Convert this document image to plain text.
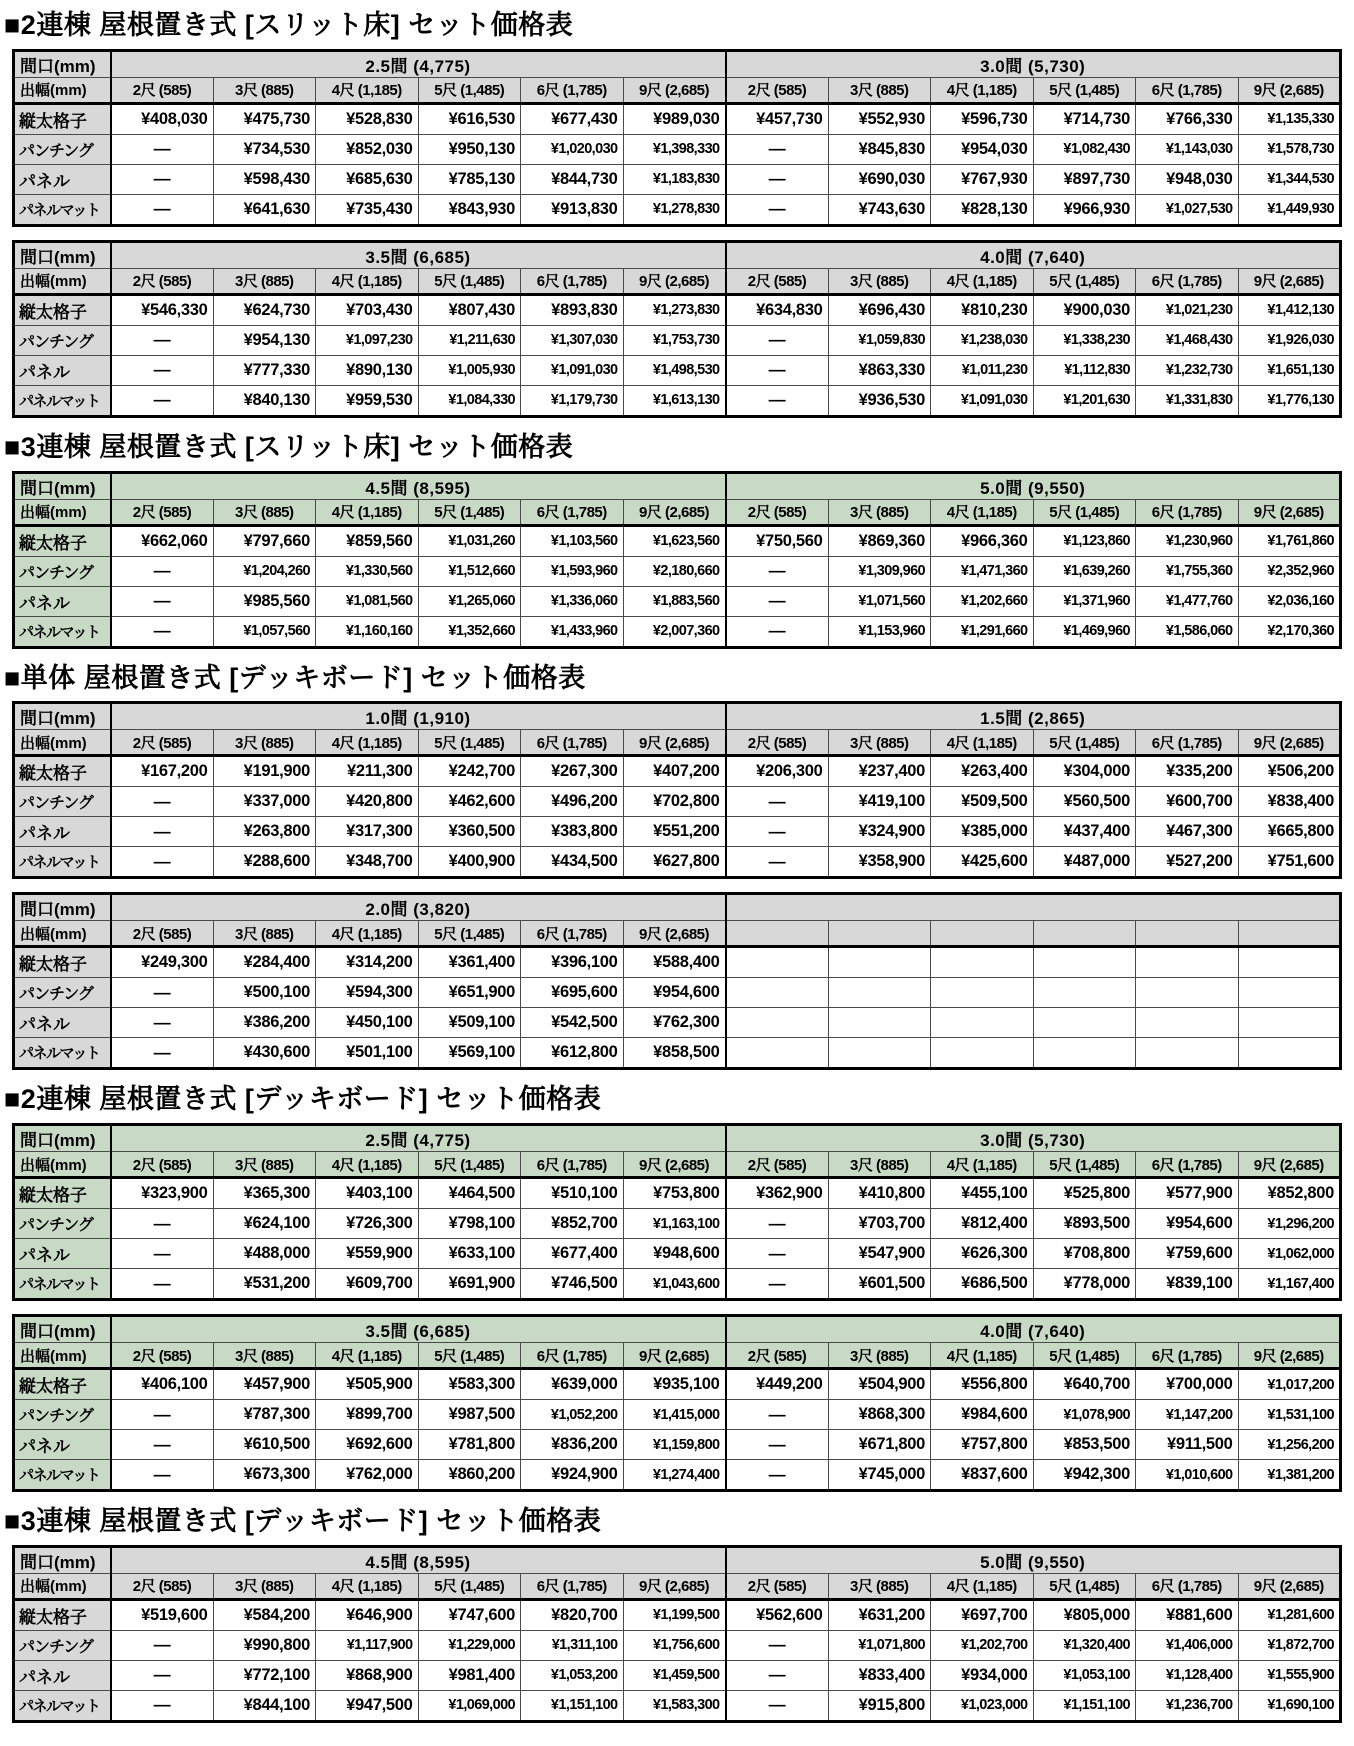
■2連棟 屋根置き式 [スリット床] セット価格表
間口(mm)	2.5間 (4,775)						3.0間 (5,730)					
出幅(mm)	2尺 (585)	3尺 (885)	4尺 (1,185)	5尺 (1,485)	6尺 (1,785)	9尺 (2,685)	2尺 (585)	3尺 (885)	4尺 (1,185)	5尺 (1,485)	6尺 (1,785)	9尺 (2,685)
縦太格子	¥408,030	¥475,730	¥528,830	¥616,530	¥677,430	¥989,030	¥457,730	¥552,930	¥596,730	¥714,730	¥766,330	¥1,135,330
パンチング	―	¥734,530	¥852,030	¥950,130	¥1,020,030	¥1,398,330	―	¥845,830	¥954,030	¥1,082,430	¥1,143,030	¥1,578,730
パネル	―	¥598,430	¥685,630	¥785,130	¥844,730	¥1,183,830	―	¥690,030	¥767,930	¥897,730	¥948,030	¥1,344,530
パネルマット	―	¥641,630	¥735,430	¥843,930	¥913,830	¥1,278,830	―	¥743,630	¥828,130	¥966,930	¥1,027,530	¥1,449,930
間口(mm)	3.5間 (6,685)						4.0間 (7,640)					
出幅(mm)	2尺 (585)	3尺 (885)	4尺 (1,185)	5尺 (1,485)	6尺 (1,785)	9尺 (2,685)	2尺 (585)	3尺 (885)	4尺 (1,185)	5尺 (1,485)	6尺 (1,785)	9尺 (2,685)
縦太格子	¥546,330	¥624,730	¥703,430	¥807,430	¥893,830	¥1,273,830	¥634,830	¥696,430	¥810,230	¥900,030	¥1,021,230	¥1,412,130
パンチング	―	¥954,130	¥1,097,230	¥1,211,630	¥1,307,030	¥1,753,730	―	¥1,059,830	¥1,238,030	¥1,338,230	¥1,468,430	¥1,926,030
パネル	―	¥777,330	¥890,130	¥1,005,930	¥1,091,030	¥1,498,530	―	¥863,330	¥1,011,230	¥1,112,830	¥1,232,730	¥1,651,130
パネルマット	―	¥840,130	¥959,530	¥1,084,330	¥1,179,730	¥1,613,130	―	¥936,530	¥1,091,030	¥1,201,630	¥1,331,830	¥1,776,130
■3連棟 屋根置き式 [スリット床] セット価格表
間口(mm)	4.5間 (8,595)						5.0間 (9,550)					
出幅(mm)	2尺 (585)	3尺 (885)	4尺 (1,185)	5尺 (1,485)	6尺 (1,785)	9尺 (2,685)	2尺 (585)	3尺 (885)	4尺 (1,185)	5尺 (1,485)	6尺 (1,785)	9尺 (2,685)
縦太格子	¥662,060	¥797,660	¥859,560	¥1,031,260	¥1,103,560	¥1,623,560	¥750,560	¥869,360	¥966,360	¥1,123,860	¥1,230,960	¥1,761,860
パンチング	―	¥1,204,260	¥1,330,560	¥1,512,660	¥1,593,960	¥2,180,660	―	¥1,309,960	¥1,471,360	¥1,639,260	¥1,755,360	¥2,352,960
パネル	―	¥985,560	¥1,081,560	¥1,265,060	¥1,336,060	¥1,883,560	―	¥1,071,560	¥1,202,660	¥1,371,960	¥1,477,760	¥2,036,160
パネルマット	―	¥1,057,560	¥1,160,160	¥1,352,660	¥1,433,960	¥2,007,360	―	¥1,153,960	¥1,291,660	¥1,469,960	¥1,586,060	¥2,170,360
■単体 屋根置き式 [デッキボード] セット価格表
間口(mm)	1.0間 (1,910)						1.5間 (2,865)					
出幅(mm)	2尺 (585)	3尺 (885)	4尺 (1,185)	5尺 (1,485)	6尺 (1,785)	9尺 (2,685)	2尺 (585)	3尺 (885)	4尺 (1,185)	5尺 (1,485)	6尺 (1,785)	9尺 (2,685)
縦太格子	¥167,200	¥191,900	¥211,300	¥242,700	¥267,300	¥407,200	¥206,300	¥237,400	¥263,400	¥304,000	¥335,200	¥506,200
パンチング	―	¥337,000	¥420,800	¥462,600	¥496,200	¥702,800	―	¥419,100	¥509,500	¥560,500	¥600,700	¥838,400
パネル	―	¥263,800	¥317,300	¥360,500	¥383,800	¥551,200	―	¥324,900	¥385,000	¥437,400	¥467,300	¥665,800
パネルマット	―	¥288,600	¥348,700	¥400,900	¥434,500	¥627,800	―	¥358,900	¥425,600	¥487,000	¥527,200	¥751,600
間口(mm)	2.0間 (3,820)											
出幅(mm)	2尺 (585)	3尺 (885)	4尺 (1,185)	5尺 (1,485)	6尺 (1,785)	9尺 (2,685)						
縦太格子	¥249,300	¥284,400	¥314,200	¥361,400	¥396,100	¥588,400						
パンチング	―	¥500,100	¥594,300	¥651,900	¥695,600	¥954,600						
パネル	―	¥386,200	¥450,100	¥509,100	¥542,500	¥762,300						
パネルマット	―	¥430,600	¥501,100	¥569,100	¥612,800	¥858,500						
■2連棟 屋根置き式 [デッキボード] セット価格表
間口(mm)	2.5間 (4,775)						3.0間 (5,730)					
出幅(mm)	2尺 (585)	3尺 (885)	4尺 (1,185)	5尺 (1,485)	6尺 (1,785)	9尺 (2,685)	2尺 (585)	3尺 (885)	4尺 (1,185)	5尺 (1,485)	6尺 (1,785)	9尺 (2,685)
縦太格子	¥323,900	¥365,300	¥403,100	¥464,500	¥510,100	¥753,800	¥362,900	¥410,800	¥455,100	¥525,800	¥577,900	¥852,800
パンチング	―	¥624,100	¥726,300	¥798,100	¥852,700	¥1,163,100	―	¥703,700	¥812,400	¥893,500	¥954,600	¥1,296,200
パネル	―	¥488,000	¥559,900	¥633,100	¥677,400	¥948,600	―	¥547,900	¥626,300	¥708,800	¥759,600	¥1,062,000
パネルマット	―	¥531,200	¥609,700	¥691,900	¥746,500	¥1,043,600	―	¥601,500	¥686,500	¥778,000	¥839,100	¥1,167,400
間口(mm)	3.5間 (6,685)						4.0間 (7,640)					
出幅(mm)	2尺 (585)	3尺 (885)	4尺 (1,185)	5尺 (1,485)	6尺 (1,785)	9尺 (2,685)	2尺 (585)	3尺 (885)	4尺 (1,185)	5尺 (1,485)	6尺 (1,785)	9尺 (2,685)
縦太格子	¥406,100	¥457,900	¥505,900	¥583,300	¥639,000	¥935,100	¥449,200	¥504,900	¥556,800	¥640,700	¥700,000	¥1,017,200
パンチング	―	¥787,300	¥899,700	¥987,500	¥1,052,200	¥1,415,000	―	¥868,300	¥984,600	¥1,078,900	¥1,147,200	¥1,531,100
パネル	―	¥610,500	¥692,600	¥781,800	¥836,200	¥1,159,800	―	¥671,800	¥757,800	¥853,500	¥911,500	¥1,256,200
パネルマット	―	¥673,300	¥762,000	¥860,200	¥924,900	¥1,274,400	―	¥745,000	¥837,600	¥942,300	¥1,010,600	¥1,381,200
■3連棟 屋根置き式 [デッキボード] セット価格表
間口(mm)	4.5間 (8,595)						5.0間 (9,550)					
出幅(mm)	2尺 (585)	3尺 (885)	4尺 (1,185)	5尺 (1,485)	6尺 (1,785)	9尺 (2,685)	2尺 (585)	3尺 (885)	4尺 (1,185)	5尺 (1,485)	6尺 (1,785)	9尺 (2,685)
縦太格子	¥519,600	¥584,200	¥646,900	¥747,600	¥820,700	¥1,199,500	¥562,600	¥631,200	¥697,700	¥805,000	¥881,600	¥1,281,600
パンチング	―	¥990,800	¥1,117,900	¥1,229,000	¥1,311,100	¥1,756,600	―	¥1,071,800	¥1,202,700	¥1,320,400	¥1,406,000	¥1,872,700
パネル	―	¥772,100	¥868,900	¥981,400	¥1,053,200	¥1,459,500	―	¥833,400	¥934,000	¥1,053,100	¥1,128,400	¥1,555,900
パネルマット	―	¥844,100	¥947,500	¥1,069,000	¥1,151,100	¥1,583,300	―	¥915,800	¥1,023,000	¥1,151,100	¥1,236,700	¥1,690,100
